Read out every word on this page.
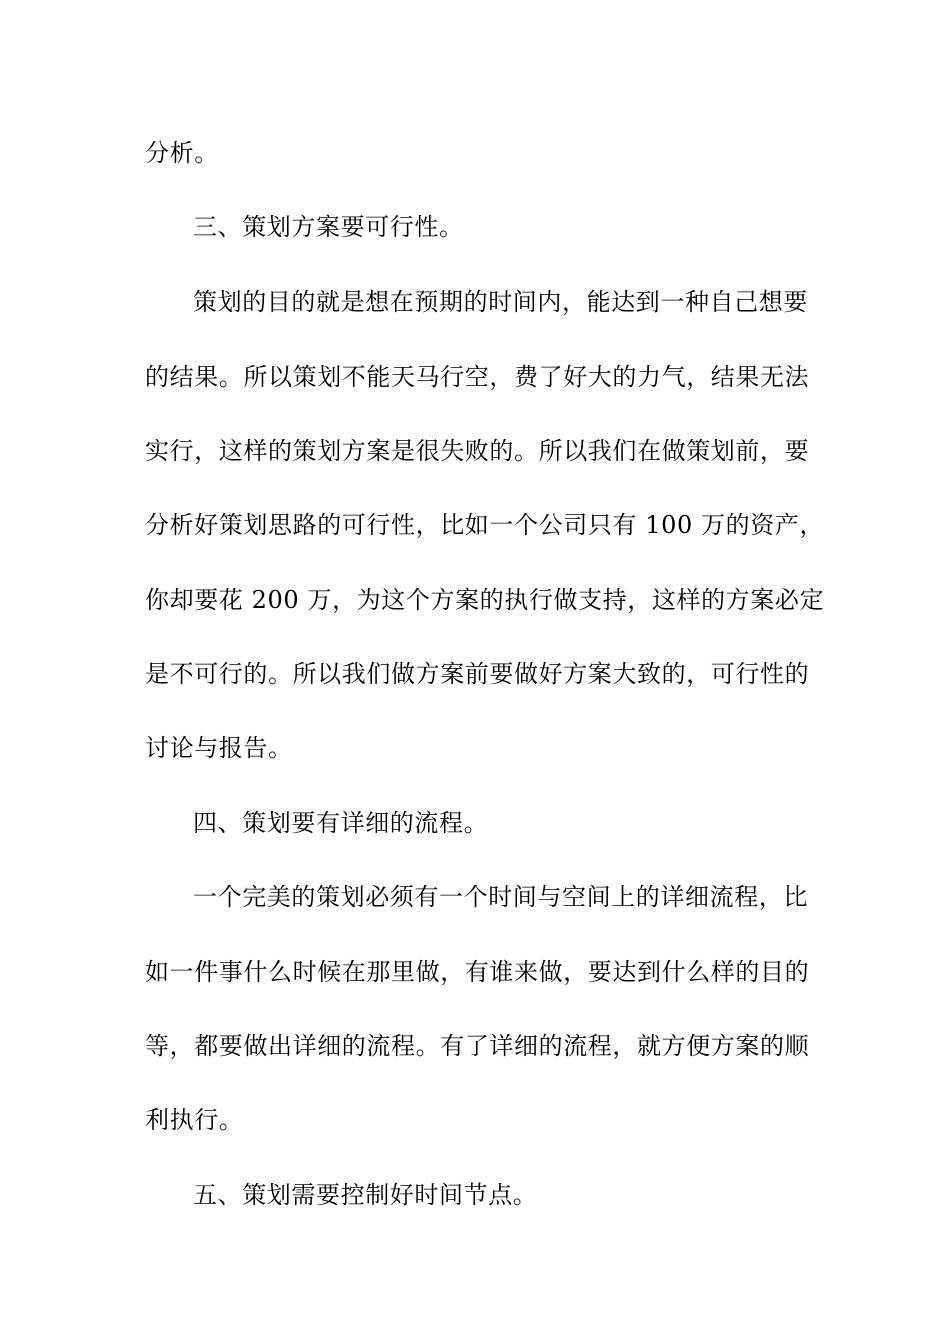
分析。
三、策划方案要可行性。
策划的目的就是想在预期的时间内，能达到一种自己想要
的结果。所以策划不能天马行空，费了好大的力气，结果无法
实行，这样的策划方案是很失败的。所以我们在做策划前，要
分析好策划思路的可行性，比如一个公司只有 100 万的资产，
你却要花 200 万，为这个方案的执行做支持，这样的方案必定
是不可行的。所以我们做方案前要做好方案大致的，可行性的
讨论与报告。
四、策划要有详细的流程。
一个完美的策划必须有一个时间与空间上的详细流程，比
如一件事什么时候在那里做，有谁来做，要达到什么样的目的
等，都要做出详细的流程。有了详细的流程，就方便方案的顺
利执行。
五、策划需要控制好时间节点。
